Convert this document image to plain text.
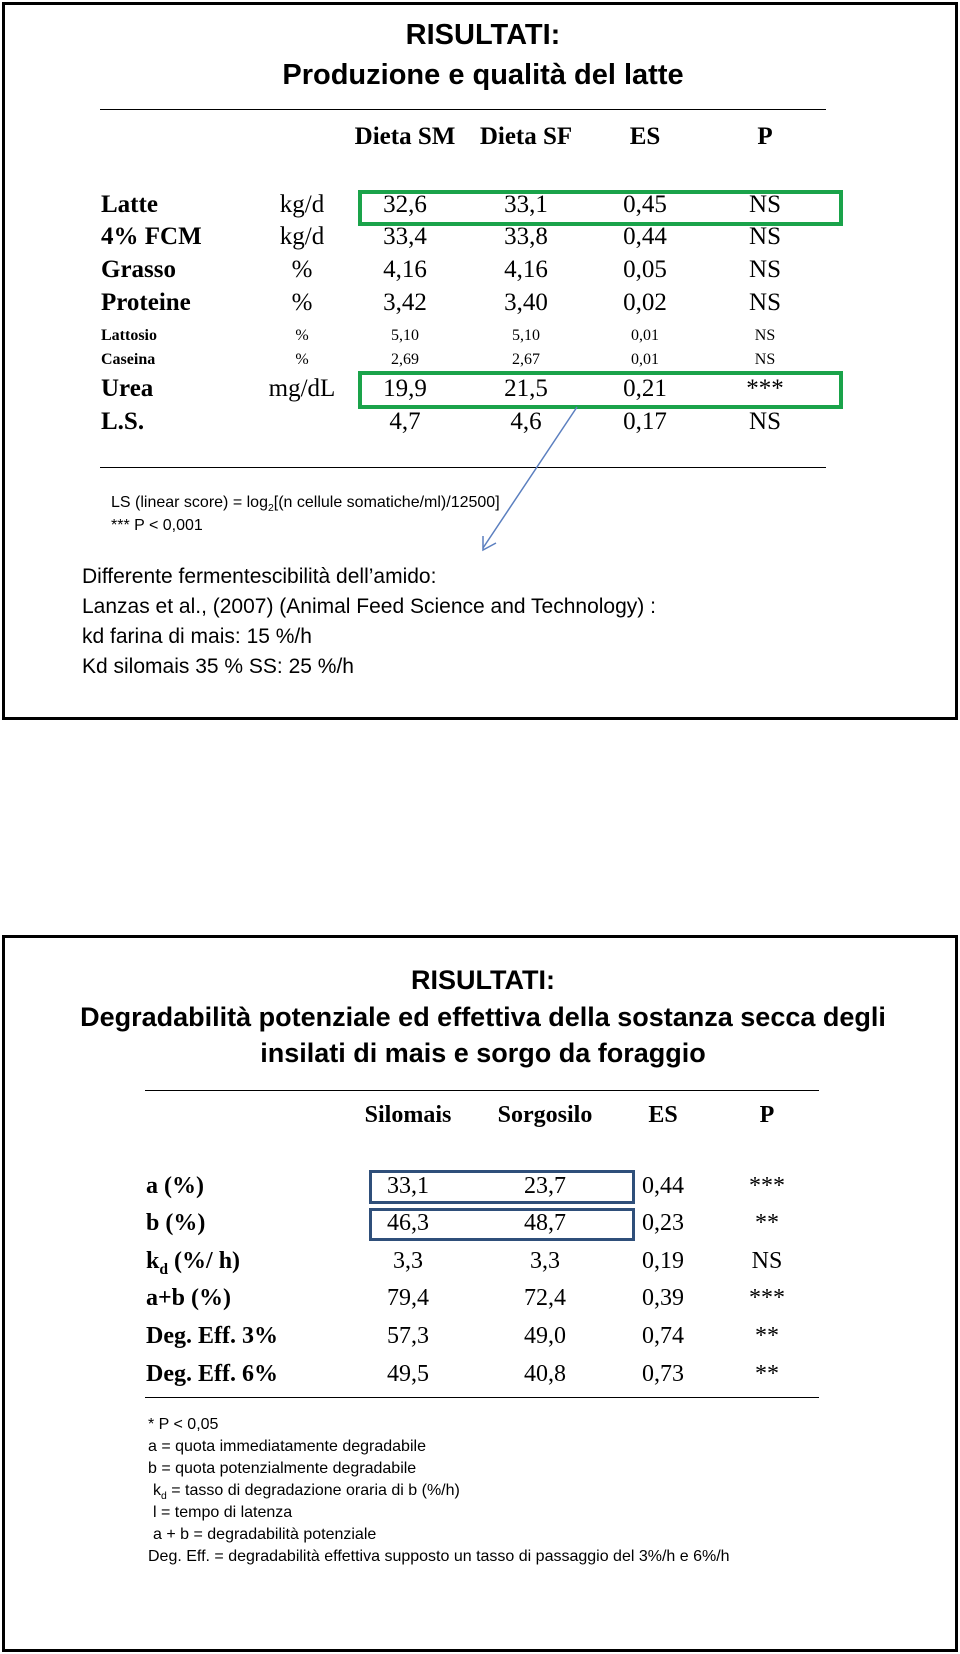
RISULTATI:
Produzione e qualità del latte
Dieta SM Dieta SF ES	P
Latte	kg/d 32,6	33,1	0,45	NS
4% FCM	kg/d 33,4	33,8	0,44	NS
Grasso	%	4,16	4,16	0,05	NS
Proteine	%	3,42	3,40	0,02	NS
Lattosio	%	5,10	5,10	0,01	NS
Caseina	%	2,69	2,67	0,01	NS
Urea	mg/dL 19,9	21,5	0,21	***
L.S.	4,7	4,6	0,17	NS
LS (linear score) = $\log_2[(n$ cellule somatiche/ml)/12500]
*** P < 0,001
Differente fermentescibilità dell’amido:
Lanzas et al., (2007) (Animal Feed Science and Technology) :
kd farina di mais: 15 %/h
Kd silomais 35 % SS: 25 %/h
RISULTATI:
Degradabilità potenziale ed effettiva della sostanza secca degli
insilati di mais e sorgo da foraggio
Silomais Sorgosilo ES	P
a (%)	33,1	23,7	0,44	***
b (%)	46,3	48,7	0,23	**
$k_d$ (%/ h)	3,3	3,3	0,19	NS
a+b (%)	79,4	72,4	0,39	***
Deg. Eff. 3%	57,3	49,0	0,74	**
Deg. Eff. 6%	49,5	40,8	0,73	**
* P < 0,05
a = quota immediatamente degradabile
b = quota potenzialmente degradabile
$k_d$ = tasso di degradazione oraria di b (%/h)
l = tempo di latenza
a + b = degradabilità potenziale
Deg. Eff. = degradabilità effettiva supposto un tasso di passaggio del 3%/h e 6%/h
